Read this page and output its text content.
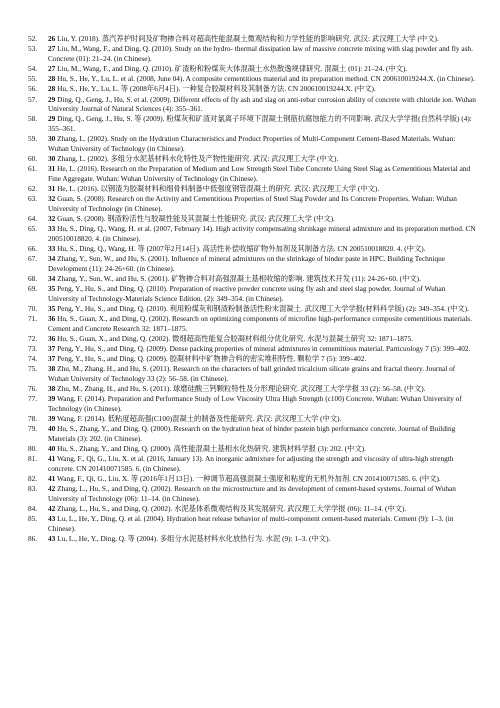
52.	26 Liu, Y. (2018). 蒸汽养护时间及矿物掺合料对超高性能混凝土微观结构和力学性能的影响研究. 武汉: 武汉理工大学 (中文).
53.	27 Liu, M., Wang, F., and Ding, Q. (2010). Study on the hydro- thermal dissipation law of massive concrete mixing with slag powder and fly ash. Concrete (01): 21–24. (in Chinese).
54.	27 Liu, M., Wang, F., and Ding, Q. (2010). 矿渣粉和粉煤灰大体混凝土水热散逸规律研究. 混凝土 (01): 21–24. (中文).
55.	28 Hu, S., He, Y., Lu, L. et al. (2008, June 04). A composite cementitious material and its preparation method. CN 200610019244.X. (in Chinese).
56.	28 Hu, S., He, Y., Lu, L. 等 (2008年6月4日). 一种复合胶凝材料及其制备方法. CN 200610019244.X. (中文).
57.	29 Ding, Q., Geng, J., Hu, S. et al. (2009). Different effects of fly ash and slag on anti-rebar corrosion ability of concrete with chloride ion. Wuhan University Journal of Natural Sciences (4): 355–361.
58.	29 Ding, Q., Geng, J., Hu, S. 等 (2009). 粉煤灰和矿渣对氯离子环境下混凝土钢筋抗腐蚀能力的不同影响. 武汉大学学报(自然科学版) (4): 355–361.
59.	30 Zhang, L. (2002). Study on the Hydration Characteristics and Product Properties of Multi-Component Cement-Based Materials. Wuhan: Wuhan University of Technology (in Chinese).
60.	30 Zhang, L. (2002). 多组分水泥基材料水化特性及产物性能研究. 武汉: 武汉理工大学 (中文).
61.	31 He, L. (2016). Research on the Preparation of Medium and Low Strength Steel Tube Concrete Using Steel Slag as Cementitious Material and Fine Aggregate. Wuhan: Wuhan University of Technology (in Chinese).
62.	31 He, L. (2016). 以钢渣为胶凝材料和细骨料制备中低强度钢管混凝土的研究. 武汉: 武汉理工大学 (中文).
63.	32 Guan, S. (2008). Research on the Activity and Cementitious Properties of Steel Slag Powder and Its Concrete Properties. Wuhan: Wuhan University of Technology (in Chinese).
64.	32 Guan, S. (2008). 钢渣粉活性与胶凝性能及其混凝土性能研究. 武汉: 武汉理工大学 (中文).
65.	33 Hu, S., Ding, Q., Wang, H. et al. (2007, February 14). High activity compensating shrinkage mineral admixture and its preparation method. CN 200510018820. 4. (in Chinese).
66.	33 Hu, S., Ding, Q., Wang, H. 等 (2007年2月14日). 高活性补偿收缩矿物外加剂及其制备方法. CN 200510018820. 4. (中文).
67.	34 Zhang, Y., Sun, W., and Hu, S. (2001). Influence of mineral admixtures on the shrinkage of binder paste in HPC. Building Technique Development (11): 24-26+60. (in Chinese).
68.	34 Zhang, Y., Sun, W., and Hu, S. (2001). 矿物掺合料对高强混凝土基相收缩的影响. 建筑技术开发 (11): 24-26+60. (中文).
69.	35 Peng, Y., Hu, S., and Ding, Q. (2010). Preparation of reactive powder concrete using fly ash and steel slag powder. Journal of Wuhan University of Technology-Materials Science Edition. (2): 349–354. (in Chinese).
70.	35 Peng, Y., Hu, S., and Ding, Q. (2010). 利用粉煤灰和钢渣粉制备活性粉末混凝土. 武汉理工大学学报(材料科学版) (2): 349–354. (中文).
71.	36 Hu, S., Guan, X., and Ding, Q. (2002). Research on optimizing components of microfine high-performance composite cementitious materials. Cement and Concrete Research 32: 1871–1875.
72.	36 Hu, S., Guan, X., and Ding, Q. (2002). 微细超高性能复合胶凝材料组分优化研究. 水泥与混凝土研究 32: 1871–1875.
73.	37 Peng, Y., Hu, S., and Ding, Q. (2009). Dense packing properties of mineral admixtures in cementitious material. Particuology 7 (5): 399–402.
74.	37 Peng, Y., Hu, S., and Ding, Q. (2009). 胶凝材料中矿物掺合料的密实堆积特性. 颗粒学 7 (5): 399–402.
75.	38 Zhu, M., Zhang, H., and Hu, S. (2011). Research on the characters of ball grinded tricalcium silicate grains and fractal theory. Journal of Wuhan University of Technology 33 (2): 56–58. (in Chinese).
76.	38 Zhu, M., Zhang, H., and Hu, S. (2011). 球磨硅酸三钙颗粒特性及分形理论研究. 武汉理工大学学报 33 (2): 56–58. (中文).
77.	39 Wang, F. (2014). Preparation and Performance Study of Low Viscosity Ultra High Strength (c100) Concrete. Wuhan: Wuhan University of Technology (in Chinese).
78.	39 Wang, F. (2014). 低粘度超高强(C100)混凝土的制备及性能研究. 武汉: 武汉理工大学 (中文).
79.	40 Hu, S., Zhang, Y., and Ding, Q. (2000). Research on the hydration heat of binder pastein high performance concrete. Journal of Building Materials (3): 202. (in Chinese).
80.	40 Hu, S., Zhang, Y., and Ding, Q. (2000). 高性能混凝土基相水化热研究. 建筑材料学报 (3): 202. (中文).
81.	41 Wang, F., Qi, G., Liu, X. et al. (2016, January 13). An inorganic admixture for adjusting the strength and viscosity of ultra-high strength concrete. CN 201410071585. 6. (in Chinese).
82.	41 Wang, F., Qi, G., Liu, X. 等 (2016年1月13日). 一种调节超高强混凝土强度和粘度的无机外加剂. CN 201410071585. 6. (中文).
83.	42 Zhang, L., Hu, S., and Ding, Q. (2002). Research on the microstructure and its development of cement-based systems. Journal of Wuhan University of Technology (06): 11–14. (in Chinese).
84.	42 Zhang, L., Hu, S., and Ding, Q. (2002). 水泥基体系微观结构及其发展研究. 武汉理工大学学报 (06): 11–14. (中文).
85.	43 Lu, L., He, Y., Ding, Q. et al. (2004). Hydration heat release behavior of multi-component cement-based materials. Cement (9): 1–3. (in Chinese).
86.	43 Lu, L., He, Y., Ding, Q. 等 (2004). 多组分水泥基材料水化放热行为. 水泥 (9): 1–3. (中文).
